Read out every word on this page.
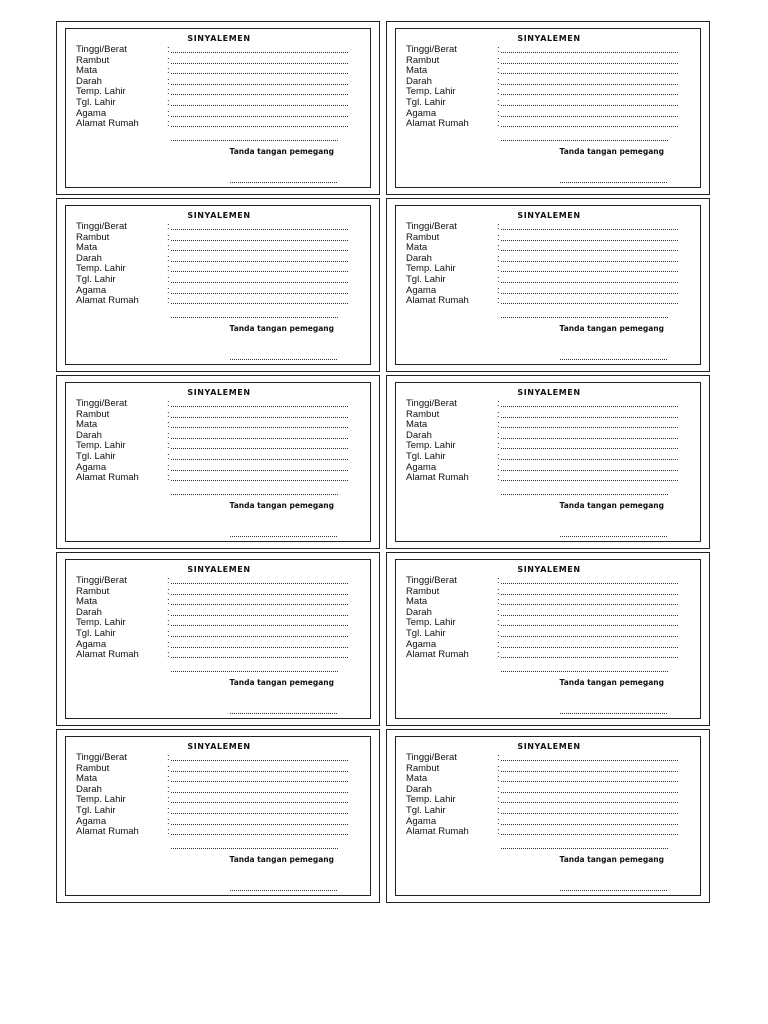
SINYALEMEN
Tinggi/Berat	:
Rambut	:
Mata	:
Darah	:
Temp. Lahir	:
Tgl. Lahir	:
Agama	:
Alamat Rumah	:
Tanda tangan pemegang
SINYALEMEN
Tinggi/Berat	:
Rambut	:
Mata	:
Darah	:
Temp. Lahir	:
Tgl. Lahir	:
Agama	:
Alamat Rumah	:
Tanda tangan pemegang
SINYALEMEN
Tinggi/Berat	:
Rambut	:
Mata	:
Darah	:
Temp. Lahir	:
Tgl. Lahir	:
Agama	:
Alamat Rumah	:
Tanda tangan pemegang
SINYALEMEN
Tinggi/Berat	:
Rambut	:
Mata	:
Darah	:
Temp. Lahir	:
Tgl. Lahir	:
Agama	:
Alamat Rumah	:
Tanda tangan pemegang
SINYALEMEN
Tinggi/Berat	:
Rambut	:
Mata	:
Darah	:
Temp. Lahir	:
Tgl. Lahir	:
Agama	:
Alamat Rumah	:
Tanda tangan pemegang
SINYALEMEN
Tinggi/Berat	:
Rambut	:
Mata	:
Darah	:
Temp. Lahir	:
Tgl. Lahir	:
Agama	:
Alamat Rumah	:
Tanda tangan pemegang
SINYALEMEN
Tinggi/Berat	:
Rambut	:
Mata	:
Darah	:
Temp. Lahir	:
Tgl. Lahir	:
Agama	:
Alamat Rumah	:
Tanda tangan pemegang
SINYALEMEN
Tinggi/Berat	:
Rambut	:
Mata	:
Darah	:
Temp. Lahir	:
Tgl. Lahir	:
Agama	:
Alamat Rumah	:
Tanda tangan pemegang
SINYALEMEN
Tinggi/Berat	:
Rambut	:
Mata	:
Darah	:
Temp. Lahir	:
Tgl. Lahir	:
Agama	:
Alamat Rumah	:
Tanda tangan pemegang
SINYALEMEN
Tinggi/Berat	:
Rambut	:
Mata	:
Darah	:
Temp. Lahir	:
Tgl. Lahir	:
Agama	:
Alamat Rumah	:
Tanda tangan pemegang
